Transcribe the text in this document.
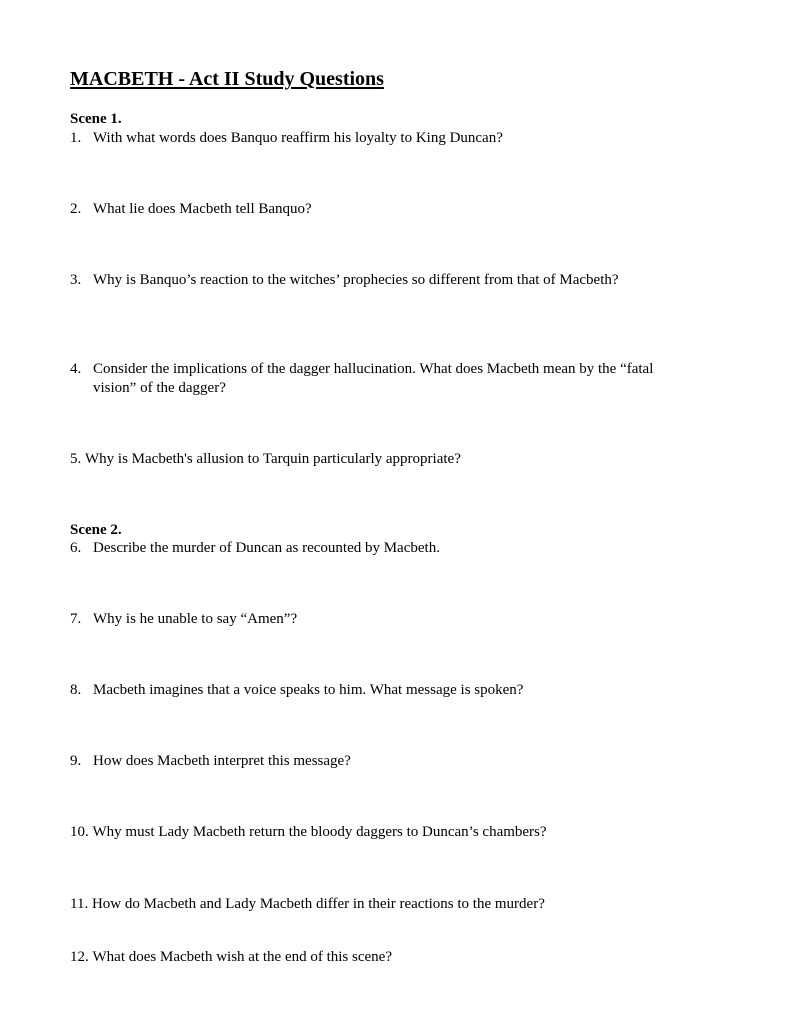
MACBETH - Act II Study Questions
Scene 1.
1. With what words does Banquo reaffirm his loyalty to King Duncan?
2. What lie does Macbeth tell Banquo?
3. Why is Banquo’s reaction to the witches’ prophecies so different from that of Macbeth?
4. Consider the implications of the dagger hallucination. What does Macbeth mean by the “fatal vision” of the dagger?
5. Why is Macbeth's allusion to Tarquin particularly appropriate?
Scene 2.
6. Describe the murder of Duncan as recounted by Macbeth.
7. Why is he unable to say “Amen”?
8. Macbeth imagines that a voice speaks to him. What message is spoken?
9. How does Macbeth interpret this message?
10. Why must Lady Macbeth return the bloody daggers to Duncan’s chambers?
11. How do Macbeth and Lady Macbeth differ in their reactions to the murder?
12. What does Macbeth wish at the end of this scene?
